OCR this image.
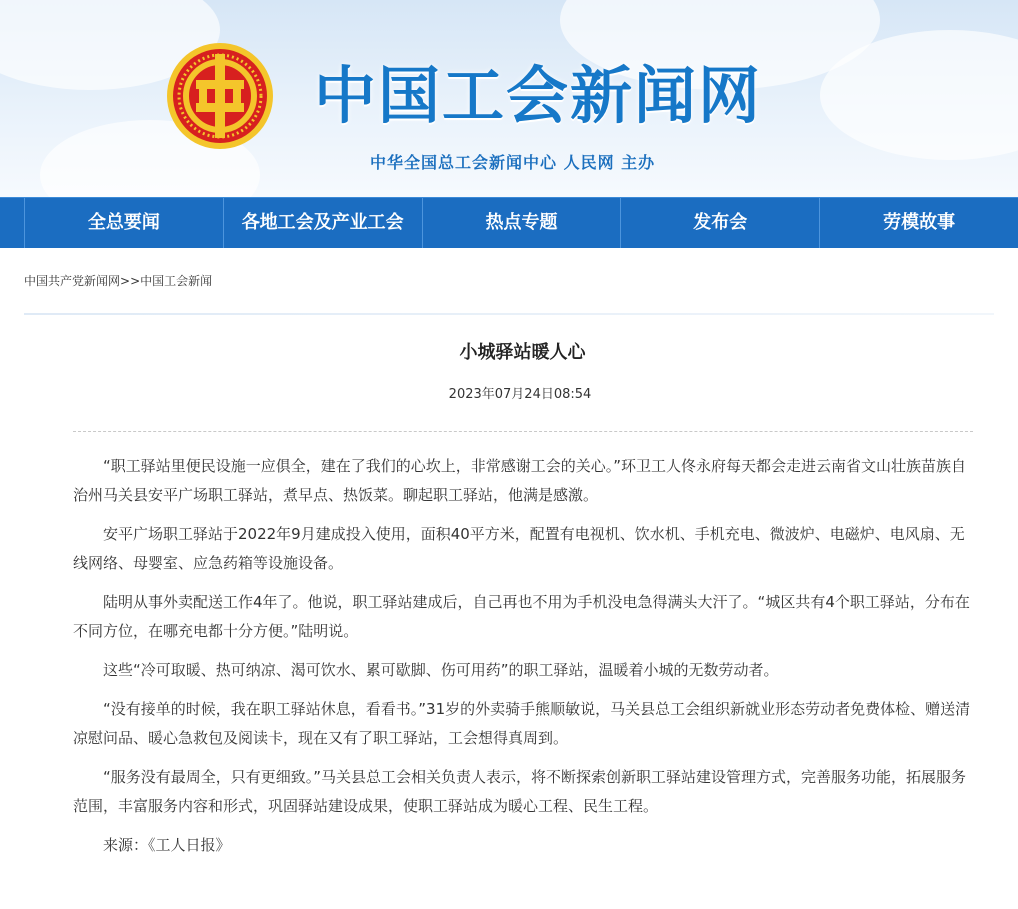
中国工会新闻网
中华全国总工会新闻中心 人民网 主办
全总要闻	各地工会及产业工会	热点专题	发布会	劳模故事
中国共产党新闻网>>中国工会新闻
小城驿站暖人心
2023年07月24日08:54

“职工驿站里便民设施一应俱全，建在了我们的心坎上，非常感谢工会的关心。”环卫工人佟永府每天都会走进云南省文山壮族苗族自治州马关县安平广场职工驿站，煮早点、热饭菜。聊起职工驿站，他满是感激。

安平广场职工驿站于2022年9月建成投入使用，面积40平方米，配置有电视机、饮水机、手机充电、微波炉、电磁炉、电风扇、无线网络、母婴室、应急药箱等设施设备。

陆明从事外卖配送工作4年了。他说，职工驿站建成后，自己再也不用为手机没电急得满头大汗了。“城区共有4个职工驿站，分布在不同方位，在哪充电都十分方便。”陆明说。

这些“冷可取暖、热可纳凉、渴可饮水、累可歇脚、伤可用药”的职工驿站，温暖着小城的无数劳动者。

“没有接单的时候，我在职工驿站休息，看看书。”31岁的外卖骑手熊顺敏说，马关县总工会组织新就业形态劳动者免费体检、赠送清凉慰问品、暖心急救包及阅读卡，现在又有了职工驿站，工会想得真周到。

“服务没有最周全，只有更细致。”马关县总工会相关负责人表示，将不断探索创新职工驿站建设管理方式，完善服务功能，拓展服务范围，丰富服务内容和形式，巩固驿站建设成果，使职工驿站成为暖心工程、民生工程。

来源：《工人日报》
